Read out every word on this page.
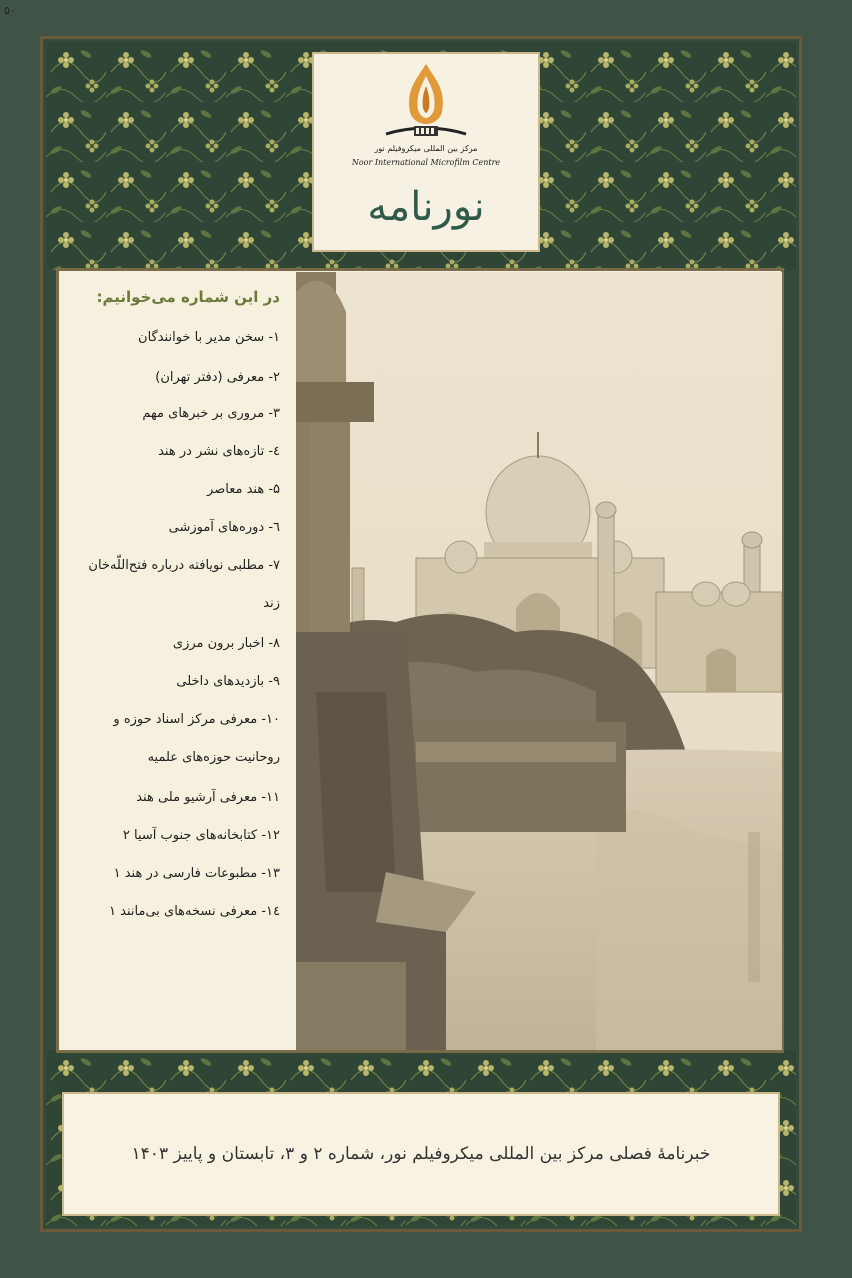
۵۰
مرکز بین المللی میکروفیلم نور
Noor International Microfilm Centre
نورنامه
در این شماره می‌خوانیم:
۱- سخن مدیر با خوانندگان
۲- معرفی (دفتر تهران)
۳- مروری بر خبرهای مهم
٤- تازه‌های نشر در هند
۵- هند معاصر
٦- دوره‌های آموزشی
۷- مطلبی نویافته درباره فتح‌اللّه‌خان
زند
۸- اخبار برون مرزی
۹- بازدیدهای داخلی
۱۰- معرفی مرکز اسناد حوزه و
روحانیت حوزه‌های علمیه
۱۱- معرفی آرشیو ملی هند
۱۲- کتابخانه‌های جنوب آسیا ۲
۱۳- مطبوعات فارسی در هند ۱
١٤- معرفی نسخه‌های بی‌مانند ۱
خبرنامهٔ فصلی مرکز بین المللی میکروفیلم نور، شماره ۲ و ۳، تابستان و پاییز ۱۴۰۳
